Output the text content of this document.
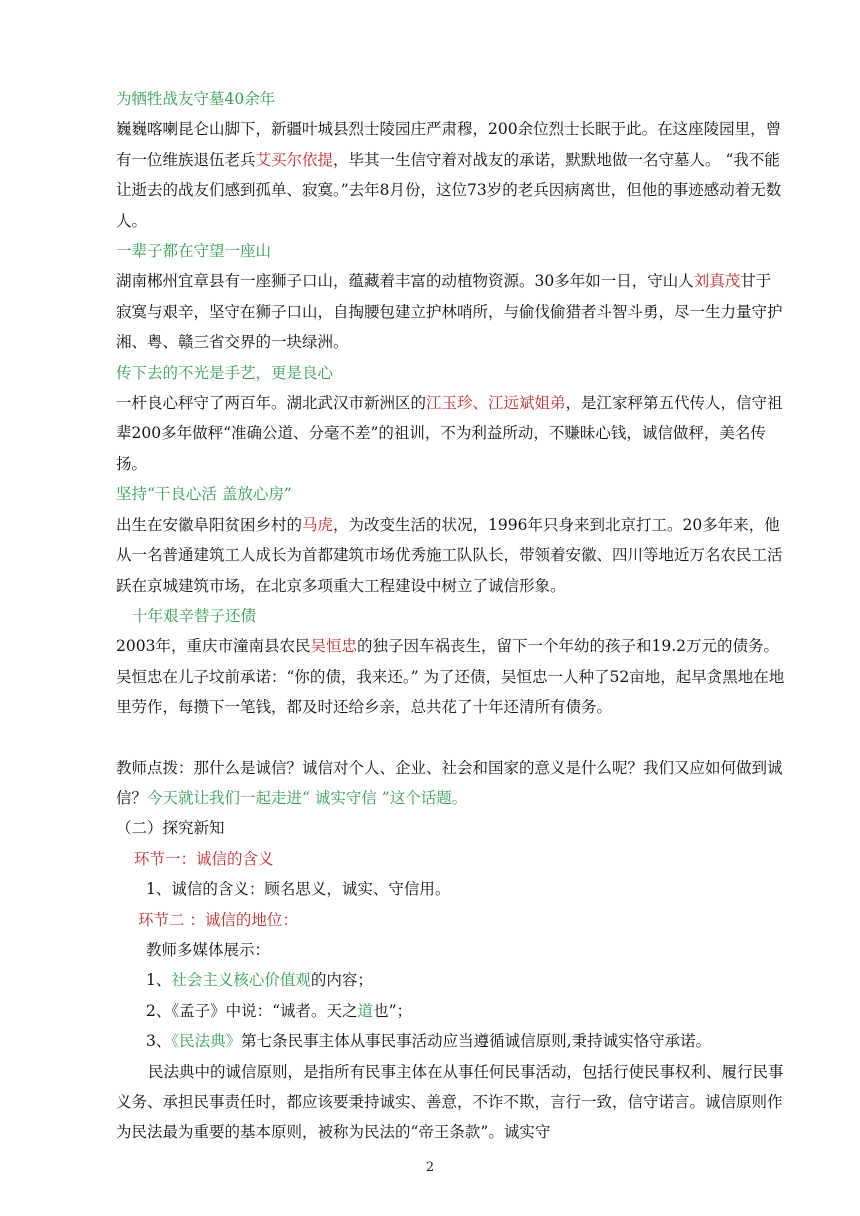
为牺牲战友守墓40余年

巍巍喀喇昆仑山脚下，新疆叶城县烈士陵园庄严肃穆，200余位烈士长眠于此。在这座陵园里，曾有一位维族退伍老兵艾买尔依提，毕其一生信守着对战友的承诺，默默地做一名守墓人。 “我不能让逝去的战友们感到孤单、寂寞。”去年8月份，这位73岁的老兵因病离世，但他的事迹感动着无数人。

一辈子都在守望一座山

湖南郴州宜章县有一座狮子口山，蕴藏着丰富的动植物资源。30多年如一日，守山人刘真茂甘于寂寞与艰辛，坚守在狮子口山，自掏腰包建立护林哨所，与偷伐偷猎者斗智斗勇，尽一生力量守护湘、粤、赣三省交界的一块绿洲。

传下去的不光是手艺，更是良心

一杆良心秤守了两百年。湖北武汉市新洲区的江玉珍、江远斌姐弟，是江家秤第五代传人，信守祖辈200多年做秤“准确公道、分毫不差”的祖训，不为利益所动，不赚昧心钱，诚信做秤，美名传扬。

坚持“干良心活 盖放心房”

出生在安徽阜阳贫困乡村的马虎，为改变生活的状况，1996年只身来到北京打工。20多年来，他从一名普通建筑工人成长为首都建筑市场优秀施工队队长，带领着安徽、四川等地近万名农民工活跃在京城建筑市场，在北京多项重大工程建设中树立了诚信形象。

十年艰辛替子还债

2003年，重庆市潼南县农民吴恒忠的独子因车祸丧生，留下一个年幼的孩子和19.2万元的债务。吴恒忠在儿子坟前承诺：“你的债，我来还。” 为了还债，吴恒忠一人种了52亩地，起早贪黑地在地里劳作，每攒下一笔钱，都及时还给乡亲，总共花了十年还清所有债务。

教师点拨：那什么是诚信？诚信对个人、企业、社会和国家的意义是什么呢？我们又应如何做到诚信？今天就让我们一起走进“ 诚实守信 ”这个话题。

（二）探究新知

环节一：诚信的含义

1、诚信的含义：顾名思义，诚实、守信用。

环节二 ：诚信的地位：

教师多媒体展示：

1、社会主义核心价值观的内容；

2、《孟子》中说：“诚者。天之道也”；

3、《民法典》第七条民事主体从事民事活动应当遵循诚信原则,秉持诚实恪守承诺。

民法典中的诚信原则，是指所有民事主体在从事任何民事活动，包括行使民事权利、履行民事义务、承担民事责任时，都应该要秉持诚实、善意，不诈不欺，言行一致，信守诺言。诚信原则作为民法最为重要的基本原则，被称为民法的“帝王条款”。诚实守

2
